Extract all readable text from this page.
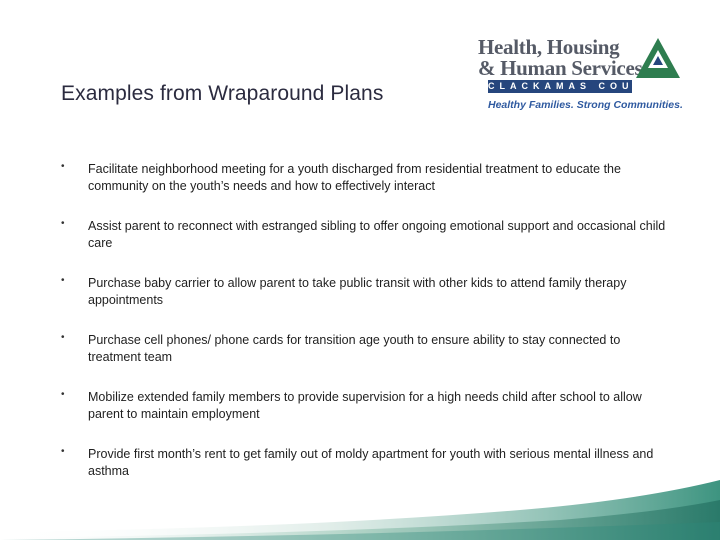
Examples from Wraparound Plans
Health, Housing
& Human Services
CLACKAMAS COUNTY
Healthy Families. Strong Communities.
• Facilitate neighborhood meeting for a youth discharged from residential treatment to educate the community on the youth’s needs and how to effectively interact
• Assist parent to reconnect with estranged sibling to offer ongoing emotional support and occasional child care
• Purchase baby carrier to allow parent to take public transit with other kids to attend family therapy appointments
• Purchase cell phones/ phone cards for transition age youth to ensure ability to stay connected to treatment team
• Mobilize extended family members to provide supervision for a high needs child after school to allow parent to maintain employment
• Provide first month’s rent to get family out of moldy apartment for youth with serious mental illness and asthma
